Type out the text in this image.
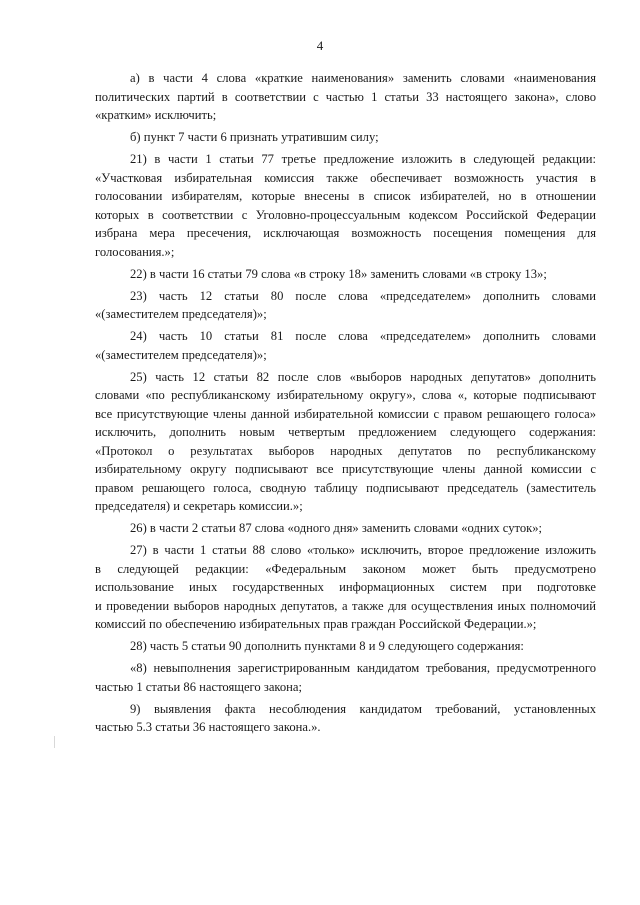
4

а) в части 4 слова «краткие наименования» заменить словами «наименования
политических партий в соответствии с частью 1 статьи 33 настоящего закона», слово
«кратким» исключить;

б) пункт 7 части 6 признать утратившим силу;

21) в части 1 статьи 77 третье предложение изложить в следующей редакции:
«Участковая избирательная комиссия также обеспечивает возможность участия в
голосовании избирателям, которые внесены в список избирателей, но в отношении
которых в соответствии с Уголовно-процессуальным кодексом Российской Федерации
избрана мера пресечения, исключающая возможность посещения помещения для
голосования.»;

22) в части 16 статьи 79 слова «в строку 18» заменить словами «в строку 13»;

23) часть 12 статьи 80 после слова «председателем» дополнить словами
«(заместителем председателя)»;

24) часть 10 статьи 81 после слова «председателем» дополнить словами
«(заместителем председателя)»;

25) часть 12 статьи 82 после слов «выборов народных депутатов» дополнить
словами «по республиканскому избирательному округу», слова «, которые подписывают
все присутствующие члены данной избирательной комиссии с правом решающего голоса»
исключить, дополнить новым четвертым предложением следующего содержания:
«Протокол о результатах выборов народных депутатов по республиканскому
избирательному округу подписывают все присутствующие члены данной комиссии с
правом решающего голоса, сводную таблицу подписывают председатель (заместитель
председателя) и секретарь комиссии.»;

26) в части 2 статьи 87 слова «одного дня» заменить словами «одних суток»;

27) в части 1 статьи 88 слово «только» исключить, второе предложение изложить
в следующей редакции: «Федеральным законом может быть предусмотрено
использование иных государственных информационных систем при подготовке
и проведении выборов народных депутатов, а также для осуществления иных полномочий
комиссий по обеспечению избирательных прав граждан Российской Федерации.»;

28) часть 5 статьи 90 дополнить пунктами 8 и 9 следующего содержания:

«8) невыполнения зарегистрированным кандидатом требования, предусмотренного
частью 1 статьи 86 настоящего закона;

9) выявления факта несоблюдения кандидатом требований, установленных
частью 5.3 статьи 36 настоящего закона.».
